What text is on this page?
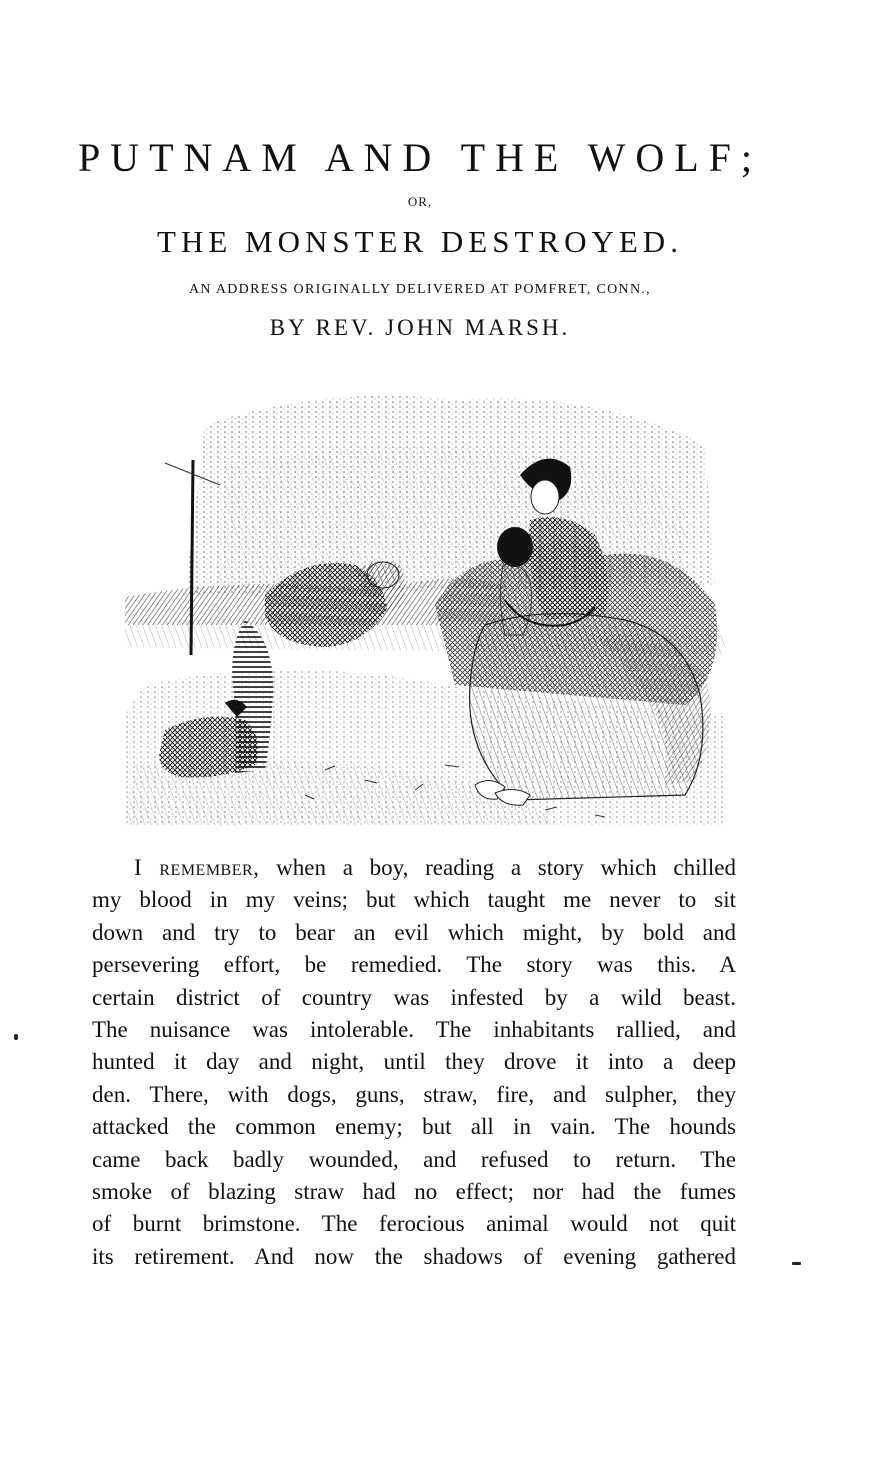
PUTNAM AND THE WOLF;
OR,
THE MONSTER DESTROYED.
AN ADDRESS ORIGINALLY DELIVERED AT POMFRET, CONN.,
BY REV. JOHN MARSH.
I remember, when a boy, reading a story which chilled
my blood in my veins; but which taught me never to sit
down and try to bear an evil which might, by bold and
persevering effort, be remedied. The story was this. A
certain district of country was infested by a wild beast.
The nuisance was intolerable. The inhabitants rallied, and
hunted it day and night, until they drove it into a deep
den. There, with dogs, guns, straw, fire, and sulpher, they
attacked the common enemy; but all in vain. The hounds
came back badly wounded, and refused to return. The
smoke of blazing straw had no effect; nor had the fumes
of burnt brimstone. The ferocious animal would not quit
its retirement. And now the shadows of evening gathered
